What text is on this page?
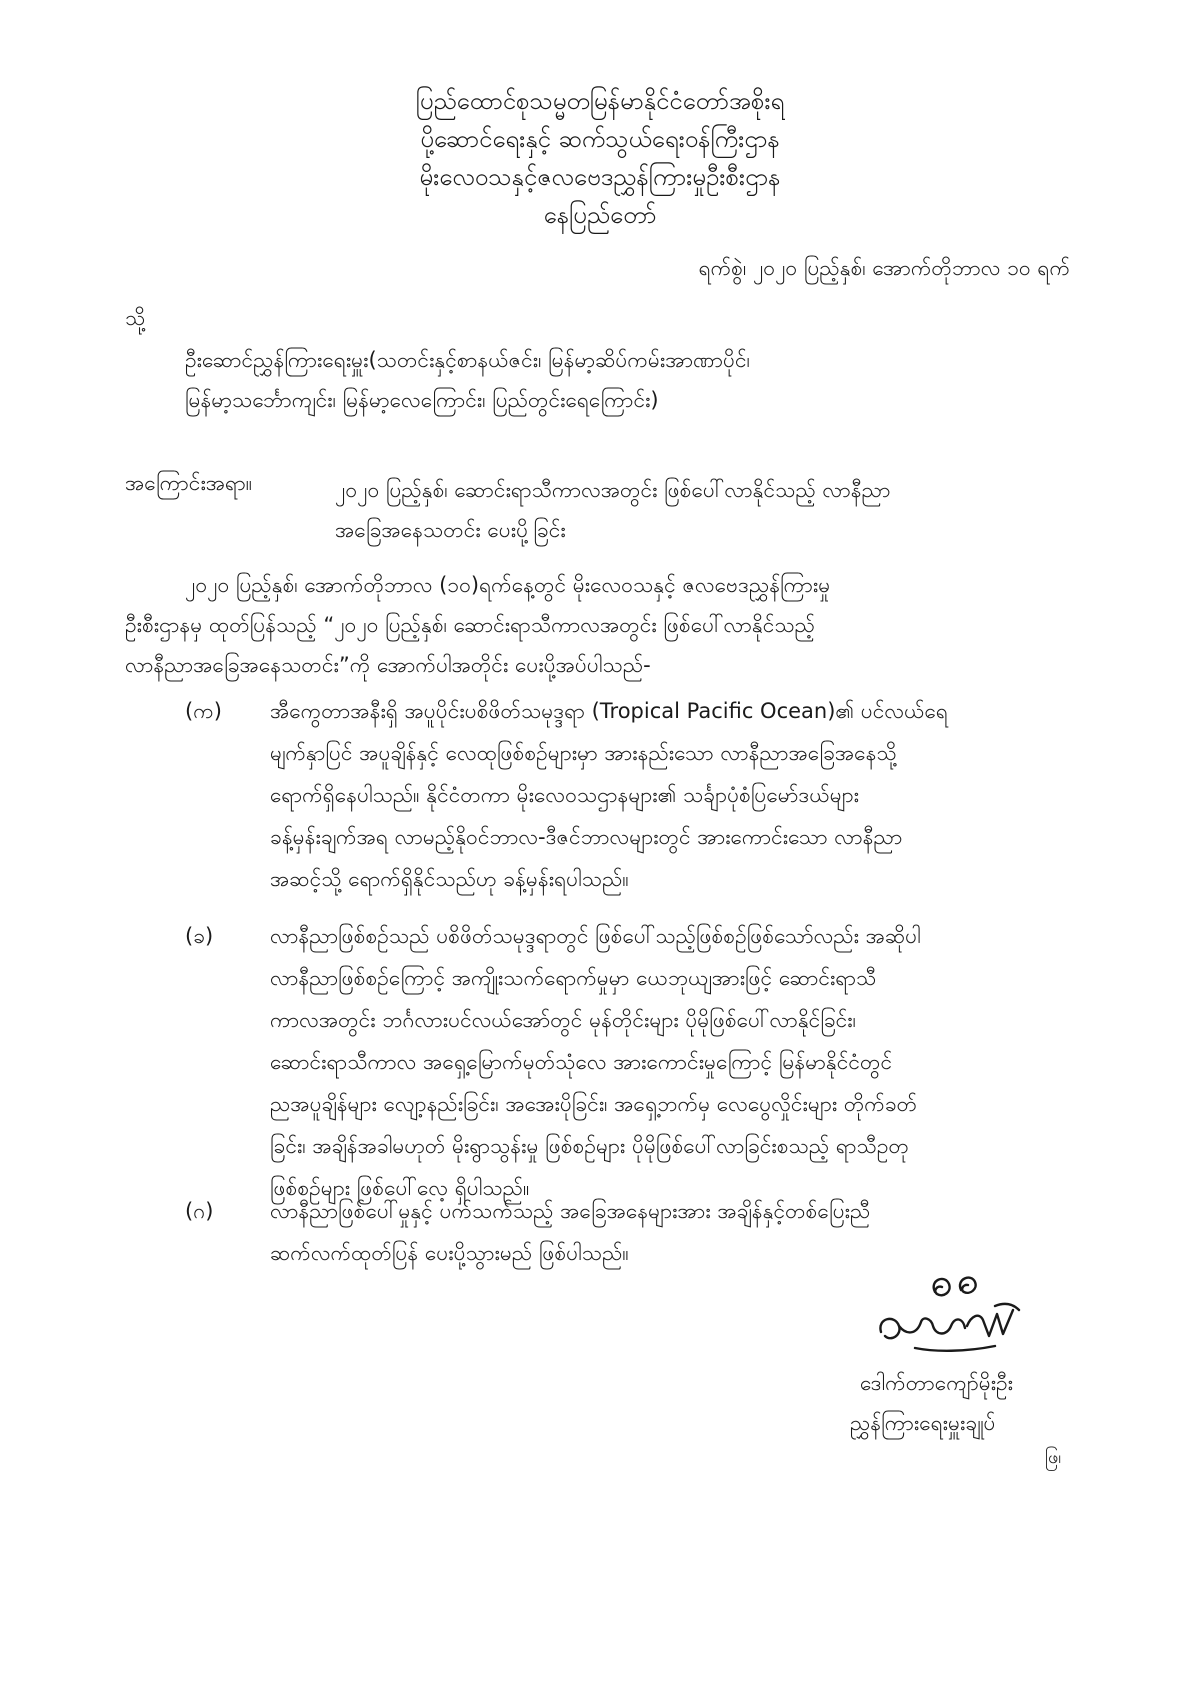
ပြည်ထောင်စုသမ္မတမြန်မာနိုင်ငံတော်အစိုးရ
ပို့ဆောင်ရေးနှင့် ဆက်သွယ်ရေးဝန်ကြီးဌာန
မိုးလေဝသနှင့်ဇလဗေဒညွှန်ကြားမှုဦးစီးဌာန
နေပြည်တော်
ရက်စွဲ၊ ၂၀၂၀ ပြည့်နှစ်၊ အောက်တိုဘာလ ၁၀ ရက်
သို့
ဦးဆောင်ညွှန်ကြားရေးမှူး(သတင်းနှင့်စာနယ်ဇင်း၊ မြန်မာ့ဆိပ်ကမ်းအာဏာပိုင်၊
မြန်မာ့သင်္ဘောကျင်း၊ မြန်မာ့လေကြောင်း၊ ပြည်တွင်းရေကြောင်း)
အကြောင်းအရာ။	၂၀၂၀ ပြည့်နှစ်၊ ဆောင်းရာသီကာလအတွင်း ဖြစ်ပေါ်လာနိုင်သည့် လာနီညာ
အခြေအနေသတင်း ပေးပို့ခြင်း
၂၀၂၀ ပြည့်နှစ်၊ အောက်တိုဘာလ (၁၀)ရက်နေ့တွင် မိုးလေဝသနှင့် ဇလဗေဒညွှန်ကြားမှု
ဦးစီးဌာနမှ ထုတ်ပြန်သည့် “၂၀၂၀ ပြည့်နှစ်၊ ဆောင်းရာသီကာလအတွင်း ဖြစ်ပေါ်လာနိုင်သည့်
လာနီညာအခြေအနေသတင်း”ကို အောက်ပါအတိုင်း ပေးပို့အပ်ပါသည်-
(က) အီကွေတာအနီးရှိ အပူပိုင်းပစိဖိတ်သမုဒ္ဒရာ (Tropical Pacific Ocean)၏ ပင်လယ်ရေ
မျက်နှာပြင် အပူချိန်နှင့် လေထုဖြစ်စဉ်များမှာ အားနည်းသော လာနီညာအခြေအနေသို့
ရောက်ရှိနေပါသည်။ နိုင်ငံတကာ မိုးလေဝသဌာနများ၏ သင်္ချာပုံစံပြမော်ဒယ်များ
ခန့်မှန်းချက်အရ လာမည့်နိုဝင်ဘာလ-ဒီဇင်ဘာလများတွင် အားကောင်းသော လာနီညာ
အဆင့်သို့ ရောက်ရှိနိုင်သည်ဟု ခန့်မှန်းရပါသည်။
(ခ)	လာနီညာဖြစ်စဉ်သည် ပစိဖိတ်သမုဒ္ဒရာတွင် ဖြစ်ပေါ်သည့်ဖြစ်စဉ်ဖြစ်သော်လည်း အဆိုပါ
လာနီညာဖြစ်စဉ်ကြောင့် အကျိုးသက်ရောက်မှုမှာ ယေဘုယျအားဖြင့် ဆောင်းရာသီ
ကာလအတွင်း ဘင်္ဂလားပင်လယ်အော်တွင် မုန်တိုင်းများ ပိုမိုဖြစ်ပေါ်လာနိုင်ခြင်း၊
ဆောင်းရာသီကာလ အရှေ့မြောက်မုတ်သုံလေ အားကောင်းမှုကြောင့် မြန်မာနိုင်ငံတွင်
ညအပူချိန်များ လျော့နည်းခြင်း၊ အအေးပိုခြင်း၊ အရှေ့ဘက်မှ လေပွေလှိုင်းများ တိုက်ခတ်
ခြင်း၊ အချိန်အခါမဟုတ် မိုးရွာသွန်းမှု ဖြစ်စဉ်များ ပိုမိုဖြစ်ပေါ်လာခြင်းစသည့် ရာသီဥတု
ဖြစ်စဉ်များ ဖြစ်ပေါ်လေ့ ရှိပါသည်။
(ဂ)	လာနီညာဖြစ်ပေါ်မှုနှင့် ပက်သက်သည့် အခြေအနေများအား အချိန်နှင့်တစ်ပြေးညီ
ဆက်လက်ထုတ်ပြန် ပေးပို့သွားမည် ဖြစ်ပါသည်။
ဒေါက်တာကျော်မိုးဦး
ညွှန်ကြားရေးမှူးချုပ်
ဖြ၊
